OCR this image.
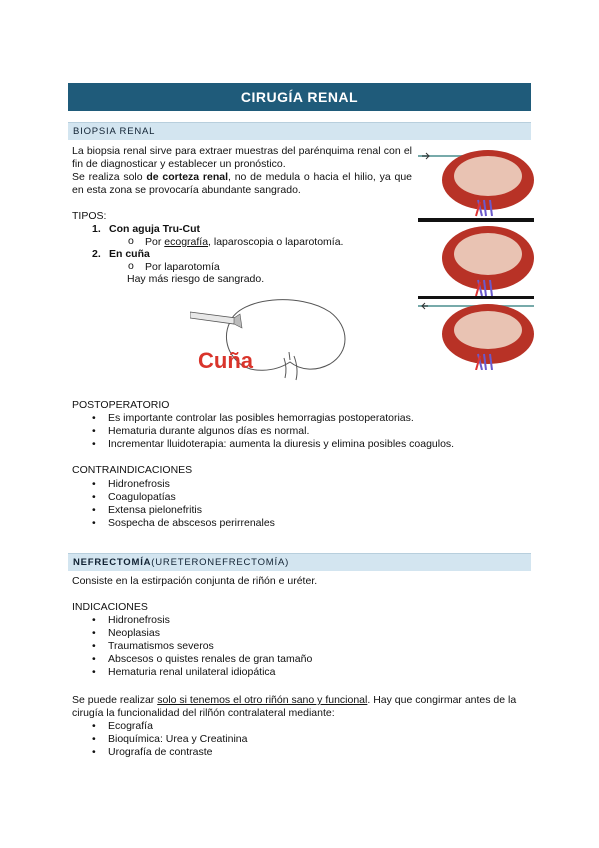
CIRUGÍA RENAL
BIOPSIA RENAL
La biopsia renal sirve para extraer muestras del parénquima renal con el fin de diagnosticar y establecer un pronóstico.
Se realiza solo de corteza renal, no de medula o hacia el hilio, ya que en esta zona se provocaría abundante sangrado.
TIPOS:
1. Con aguja Tru-Cut
o Por ecografía, laparoscopia o laparotomía.
2. En cuña
o Por laparotomía
Hay más riesgo de sangrado.
Cuña
POSTOPERATORIO
• Es importante controlar las posibles hemorragias postoperatorias.
• Hematuria durante algunos días es normal.
• Incrementar lluidoterapia: aumenta la diuresis y elimina posibles coagulos.
CONTRAINDICACIONES
• Hidronefrosis
• Coagulopatías
• Extensa pielonefritis
• Sospecha de abscesos perirrenales
NEFRECTOMÍA (URETERONEFRECTOMÍA)
Consiste en la estirpación conjunta de riñón e uréter.
INDICACIONES
• Hidronefrosis
• Neoplasias
• Traumatismos severos
• Abscesos o quistes renales de gran tamaño
• Hematuria renal unilateral idiopática
Se puede realizar solo si tenemos el otro riñón sano y funcional. Hay que congirmar antes de la cirugía la funcionalidad del rilñón contralateral mediante:
• Ecografía
• Bioquímica: Urea y Creatinina
• Urografía de contraste
